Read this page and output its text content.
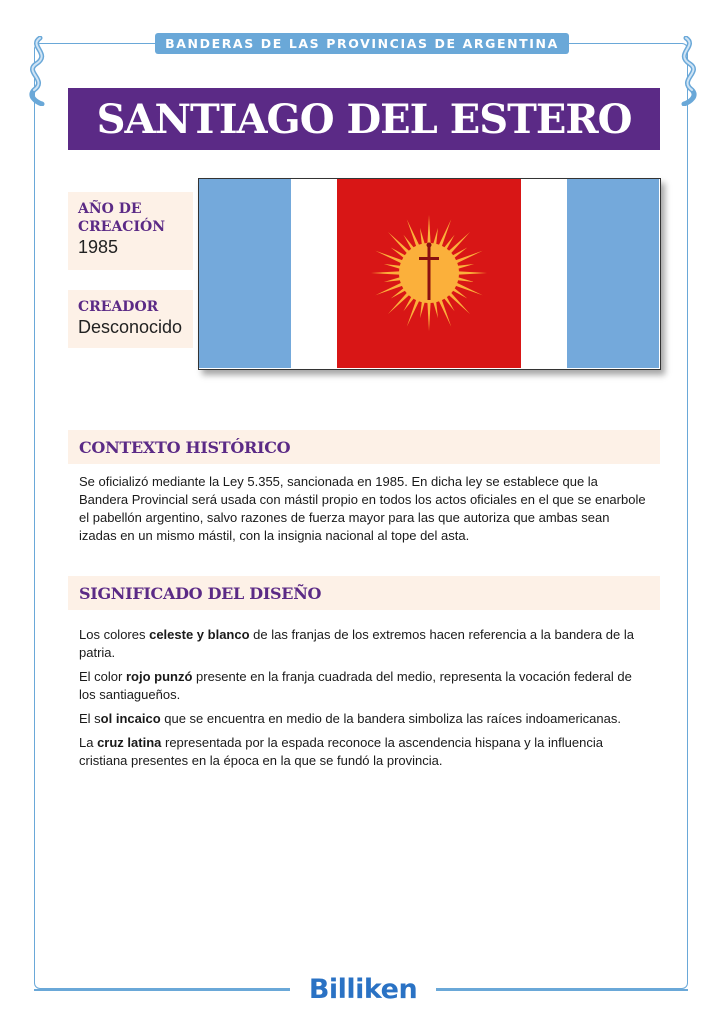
BANDERAS DE LAS PROVINCIAS DE ARGENTINA
SANTIAGO DEL ESTERO
AÑO DE CREACIÓN
1985
CREADOR
Desconocido
CONTEXTO HISTÓRICO

Se oficializó mediante la Ley 5.355, sancionada en 1985. En dicha ley se establece que la Bandera Provincial será usada con mástil propio en todos los actos oficiales en el que se enarbole el pabellón argentino, salvo razones de fuerza mayor para las que autoriza que ambas sean izadas en un mismo mástil, con la insignia nacional al tope del asta.

SIGNIFICADO DEL DISEÑO

Los colores celeste y blanco de las franjas de los extremos hacen referencia a la bandera de la patria.

El color rojo punzó presente en la franja cuadrada del medio, representa la vocación federal de los santiagueños.

El sol incaico que se encuentra en medio de la bandera simboliza las raíces indoamericanas.

La cruz latina representada por la espada reconoce la ascendencia hispana y la influencia cristiana presentes en la época en la que se fundó la provincia.

Billiken
